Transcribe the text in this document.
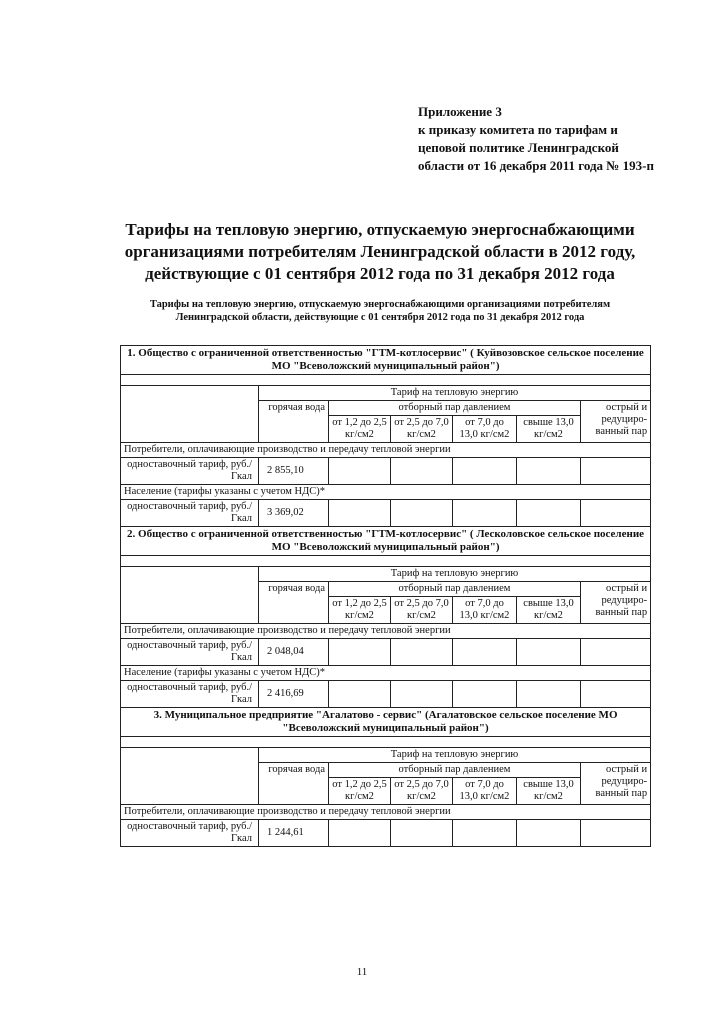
Приложение 3
к приказу комитета по тарифам и
цеповой политике Ленинградской
области от 16 декабря 2011 года № 193-п
Тарифы на тепловую энергию, отпускаемую энергоснабжающими
организациями потребителям Ленинградской области в 2012 году,
действующие с 01 сентября 2012 года по 31 декабря 2012 года
Тарифы на тепловую энергию, отпускаемую энергоснабжающими организациями потребителям Ленинградской области, действующие с 01 сентября 2012 года по 31 декабря 2012 года
1. Общество с ограниченной ответственностью "ГТМ-котлосервис" ( Куйвозовское сельское поселение МО "Всеволожский муниципальный район")						

	Тариф на тепловую энергию					
	горячая вода	отборный пар давлением				острый и редуциро-ванный пар
		от 1,2 до 2,5 кг/см2	от 2,5 до 7,0 кг/см2	от 7,0 до 13,0 кг/см2	свыше 13,0 кг/см2	
Потребители, оплачивающие производство и передачу тепловой энергии						
одноставочный тариф, руб./Гкал	2 855,10					
Население (тарифы указаны с учетом НДС)*						
одноставочный тариф, руб./Гкал	3 369,02					
2. Общество с ограниченной ответственностью "ГТМ-котлосервис" ( Лесколовское сельское поселение МО "Всеволожский муниципальный район")						

	Тариф на тепловую энергию					
	горячая вода	отборный пар давлением				острый и редуциро-ванный пар
		от 1,2 до 2,5 кг/см2	от 2,5 до 7,0 кг/см2	от 7,0 до 13,0 кг/см2	свыше 13,0 кг/см2	
Потребители, оплачивающие производство и передачу тепловой энергии						
одноставочный тариф, руб./Гкал	2 048,04					
Население (тарифы указаны с учетом НДС)*						
одноставочный тариф, руб./Гкал	2 416,69					
3. Муниципальное предприятие "Агалатово - сервис" (Агалатовское сельское поселение МО "Всеволожский муниципальный район")						

	Тариф на тепловую энергию					
	горячая вода	отборный пар давлением				острый и редуциро-ванный пар
		от 1,2 до 2,5 кг/см2	от 2,5 до 7,0 кг/см2	от 7,0 до 13,0 кг/см2	свыше 13,0 кг/см2	
Потребители, оплачивающие производство и передачу тепловой энергии						
одноставочный тариф, руб./Гкал	1 244,61					
11
